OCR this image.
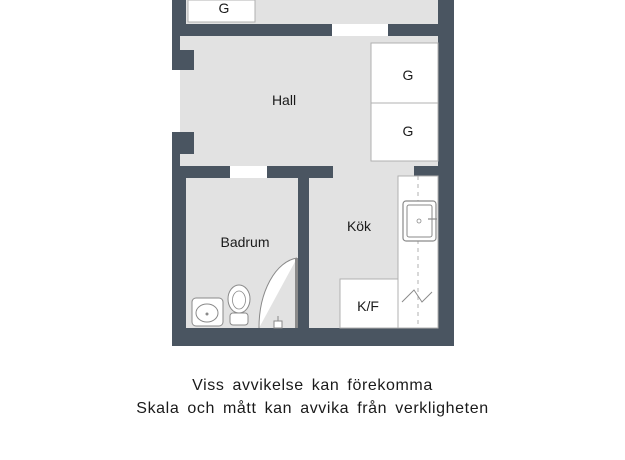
G
Hall
G
G
Kök
Badrum
K/F
Viss avvikelse kan förekomma
Skala och mått kan avvika från verkligheten
